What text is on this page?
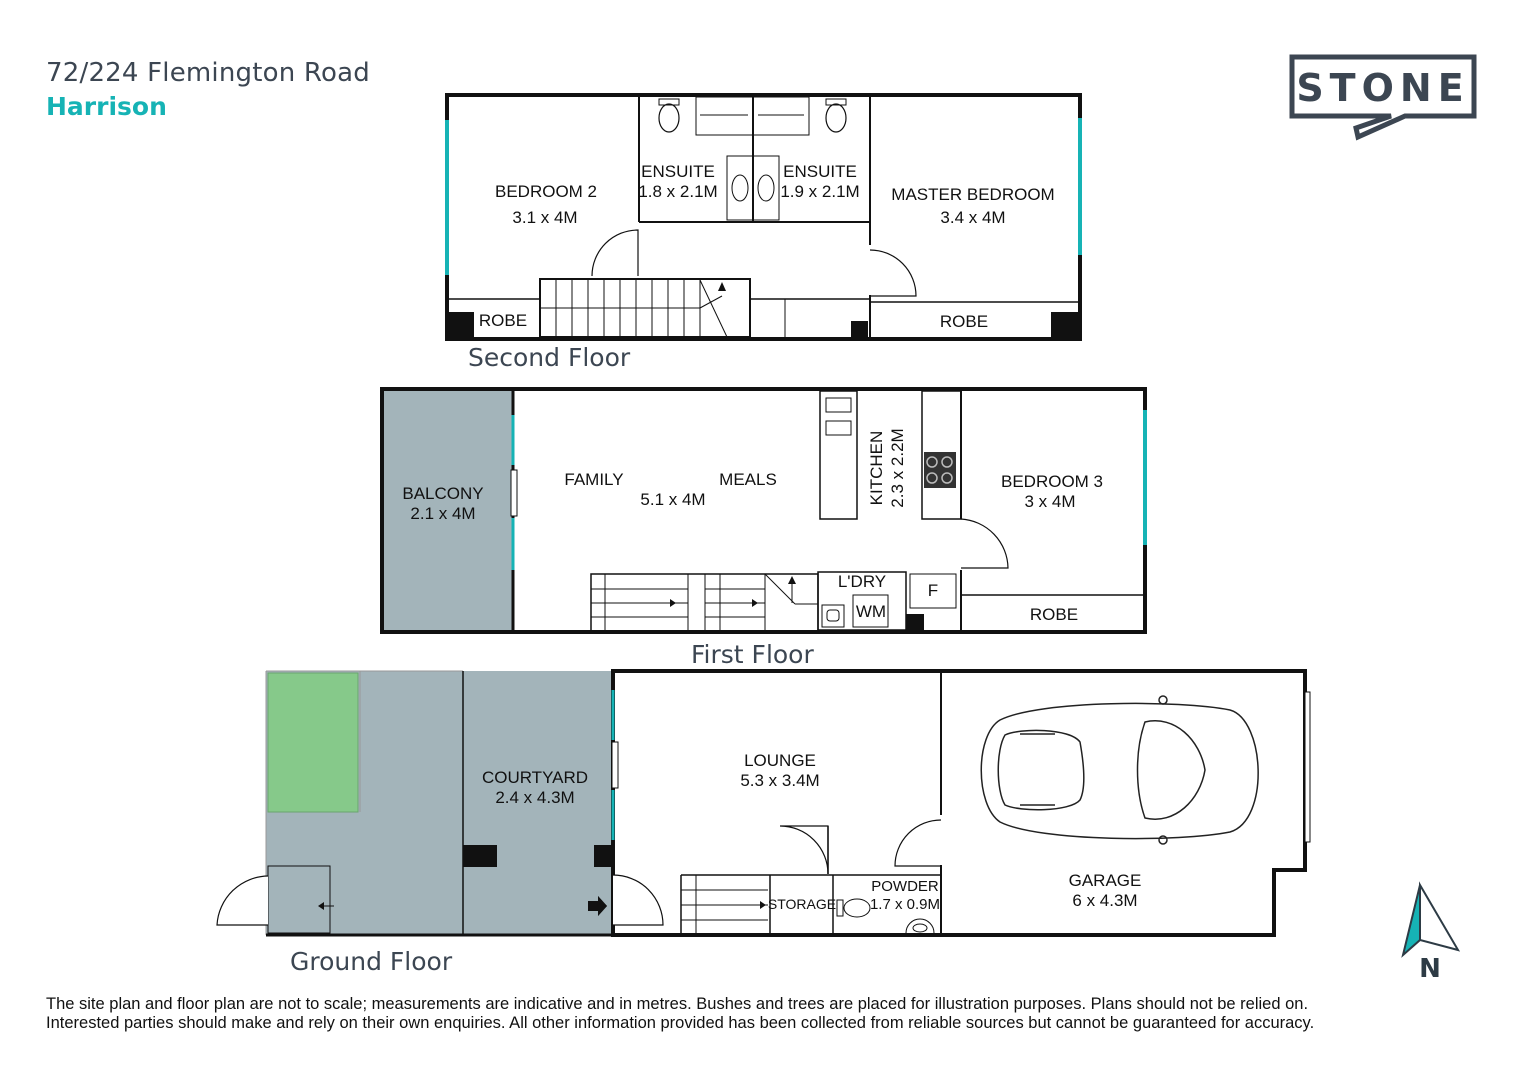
72/224 Flemington Road
Harrison	STONE
BEDROOM 2
3.1 x 4M
ENSUITE
1.8 x 2.1M
ENSUITE
1.9 x 2.1M MASTER BEDROOM
3.4 x 4M
ROBE	ROBE
BALCONY
2.1 x 4M
FAMILY	MEALS
5.1 x 4M	KITCHEN 2.3 x 2.2M	BEDROOM 3
3 x 4M
L'DRY
WM
F
ROBE
COURTYARD
2.4 x 4.3M
LOUNGE
5.3 x 3.4M
STORAGE
POWDER
1.7 x 0.9M
GARAGE
6 x 4.3M
N
Second Floor
First Floor
Ground Floor
The site plan and floor plan are not to scale; measurements are indicative and in metres. Bushes and trees are placed for illustration purposes. Plans should not be relied on.
Interested parties should make and rely on their own enquiries. All other information provided has been collected from reliable sources but cannot be guaranteed for accuracy.
